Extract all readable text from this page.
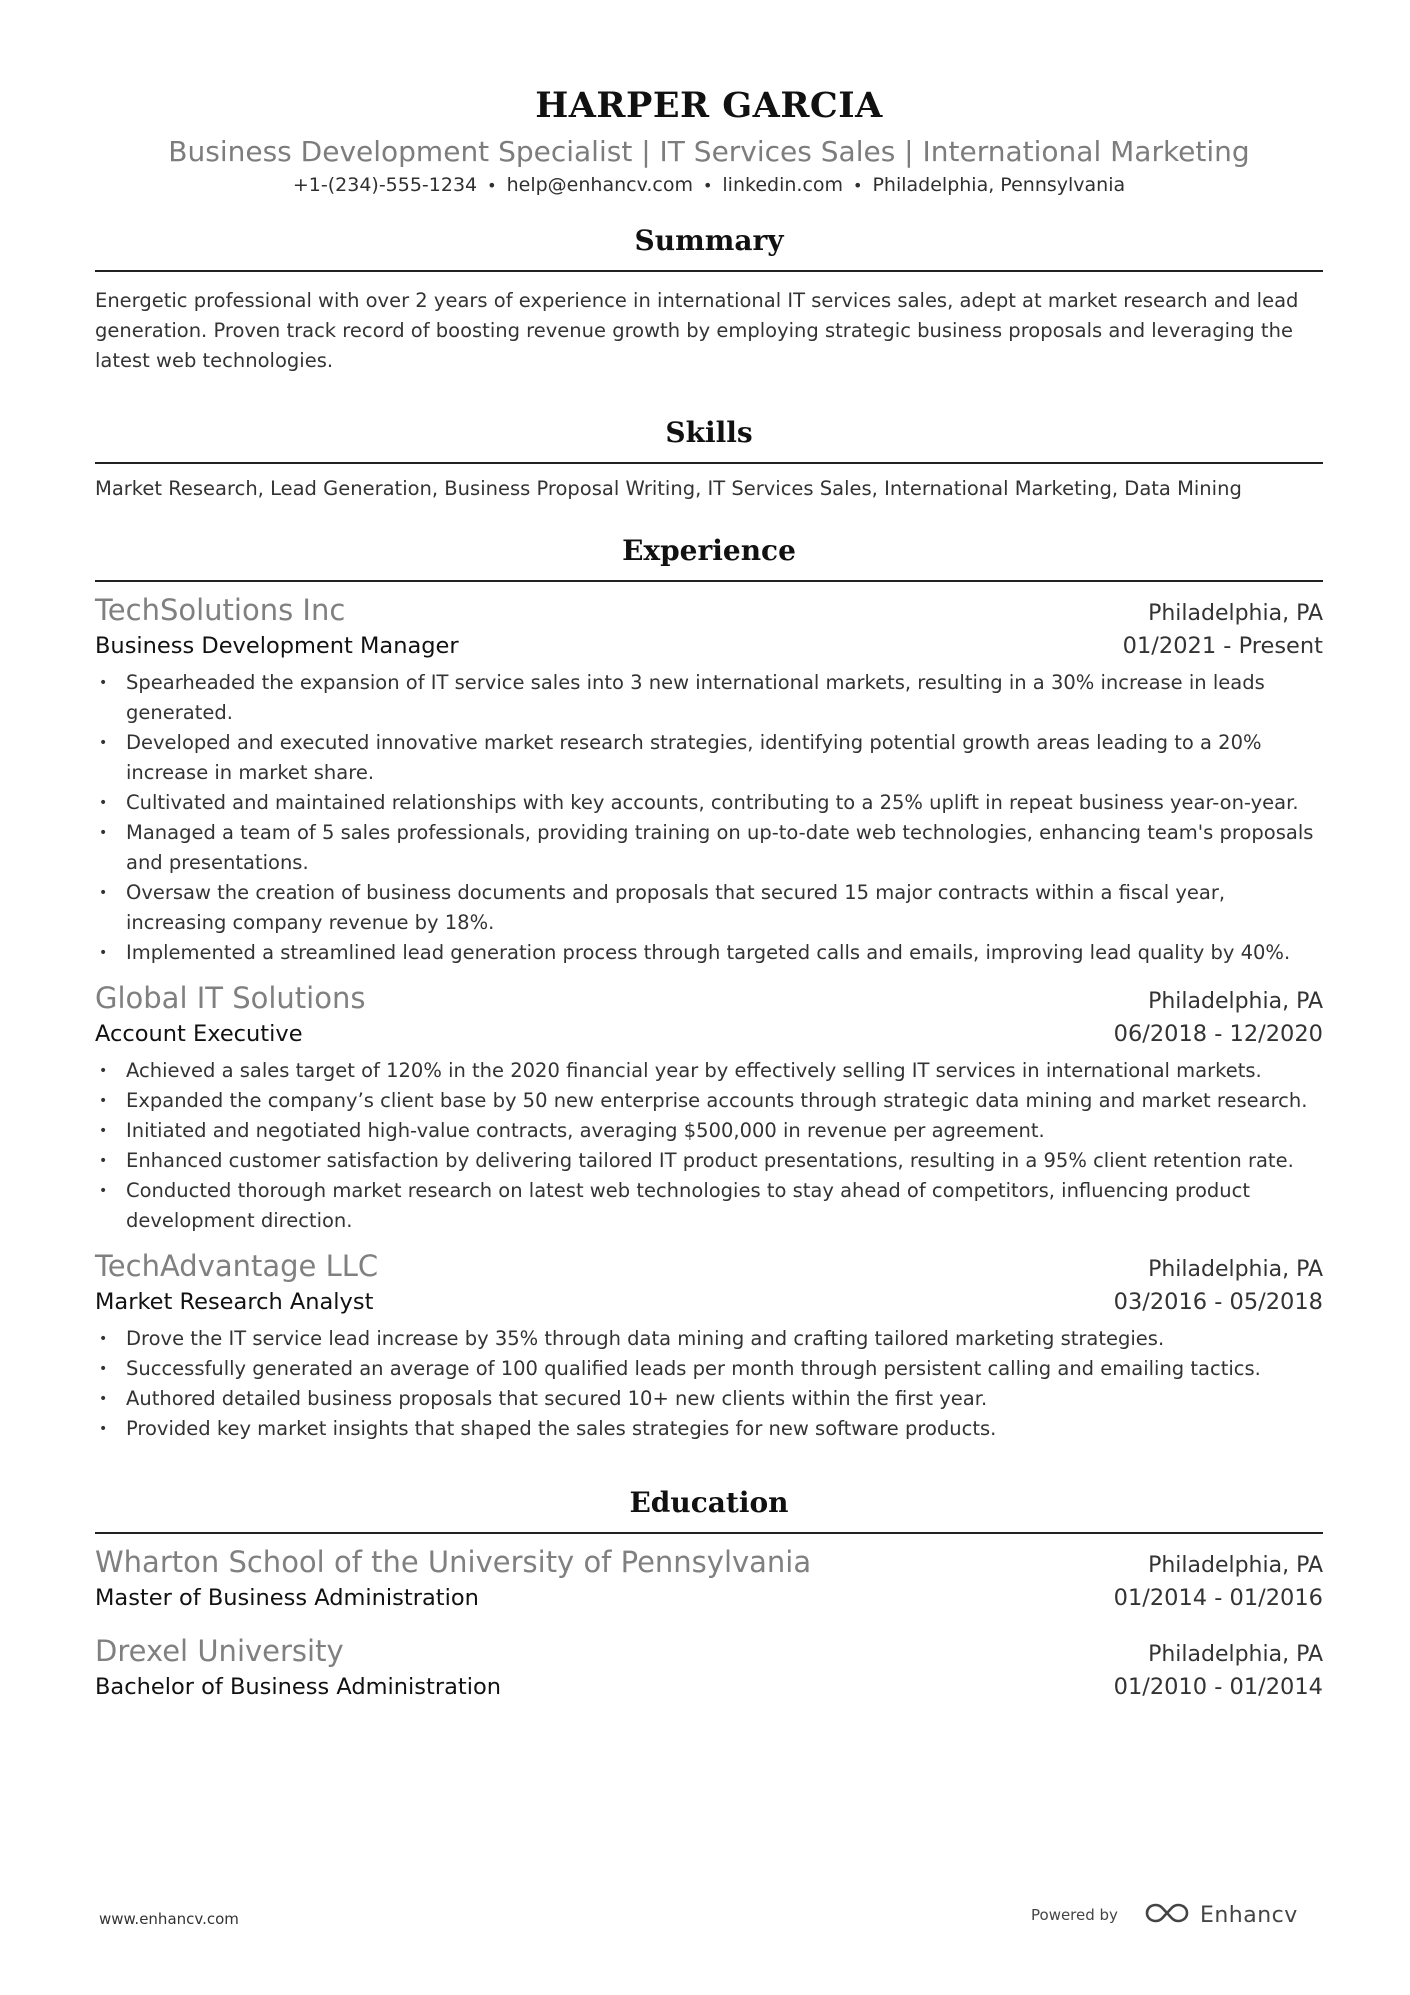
HARPER GARCIA
Business Development Specialist | IT Services Sales | International Marketing
+1-(234)-555-1234 • help@enhancv.com • linkedin.com • Philadelphia, Pennsylvania
Summary
Energetic professional with over 2 years of experience in international IT services sales, adept at market research and lead generation. Proven track record of boosting revenue growth by employing strategic business proposals and leveraging the latest web technologies.
Skills
Market Research, Lead Generation, Business Proposal Writing, IT Services Sales, International Marketing, Data Mining
Experience
TechSolutions Inc	Philadelphia, PA
Business Development Manager	01/2021 - Present
• Spearheaded the expansion of IT service sales into 3 new international markets, resulting in a 30% increase in leads generated.
• Developed and executed innovative market research strategies, identifying potential growth areas leading to a 20% increase in market share.
• Cultivated and maintained relationships with key accounts, contributing to a 25% uplift in repeat business year-on-year.
• Managed a team of 5 sales professionals, providing training on up-to-date web technologies, enhancing team's proposals and presentations.
• Oversaw the creation of business documents and proposals that secured 15 major contracts within a fiscal year, increasing company revenue by 18%.
• Implemented a streamlined lead generation process through targeted calls and emails, improving lead quality by 40%.
Global IT Solutions	Philadelphia, PA
Account Executive	06/2018 - 12/2020
• Achieved a sales target of 120% in the 2020 financial year by effectively selling IT services in international markets.
• Expanded the company’s client base by 50 new enterprise accounts through strategic data mining and market research.
• Initiated and negotiated high-value contracts, averaging $500,000 in revenue per agreement.
• Enhanced customer satisfaction by delivering tailored IT product presentations, resulting in a 95% client retention rate.
• Conducted thorough market research on latest web technologies to stay ahead of competitors, influencing product development direction.
TechAdvantage LLC	Philadelphia, PA
Market Research Analyst	03/2016 - 05/2018
• Drove the IT service lead increase by 35% through data mining and crafting tailored marketing strategies.
• Successfully generated an average of 100 qualified leads per month through persistent calling and emailing tactics.
• Authored detailed business proposals that secured 10+ new clients within the first year.
• Provided key market insights that shaped the sales strategies for new software products.
Education
Wharton School of the University of Pennsylvania	Philadelphia, PA
Master of Business Administration	01/2014 - 01/2016
Drexel University	Philadelphia, PA
Bachelor of Business Administration	01/2010 - 01/2014
www.enhancv.com	Powered by	Enhancv
